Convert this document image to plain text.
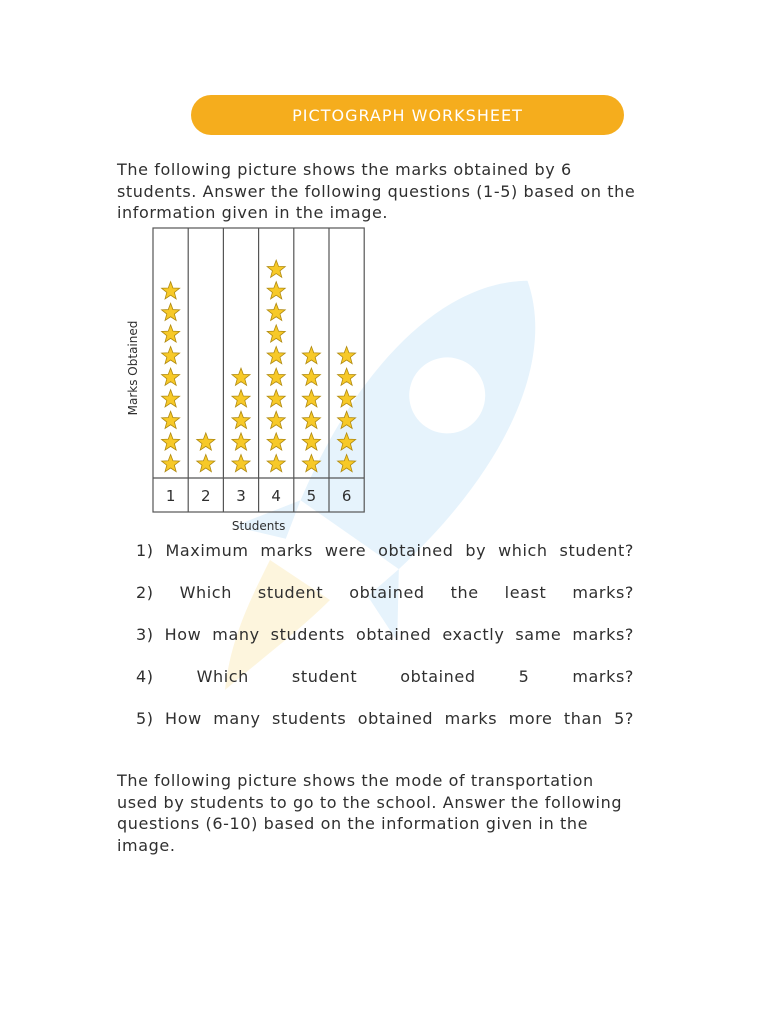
PICTOGRAPH WORKSHEET
The following picture shows the marks obtained by 6 students. Answer the following questions (1-5) based on the information given in the image.
1 2 3 4 5 6
Students
Marks Obtained
1) Maximum marks were obtained by which student?
2) Which student obtained the least marks?
3) How many students obtained exactly same marks?
4) Which student obtained 5 marks?
5) How many students obtained marks more than 5?
The following picture shows the mode of transportation used by students to go to the school. Answer the following questions (6-10) based on the information given in the image.
